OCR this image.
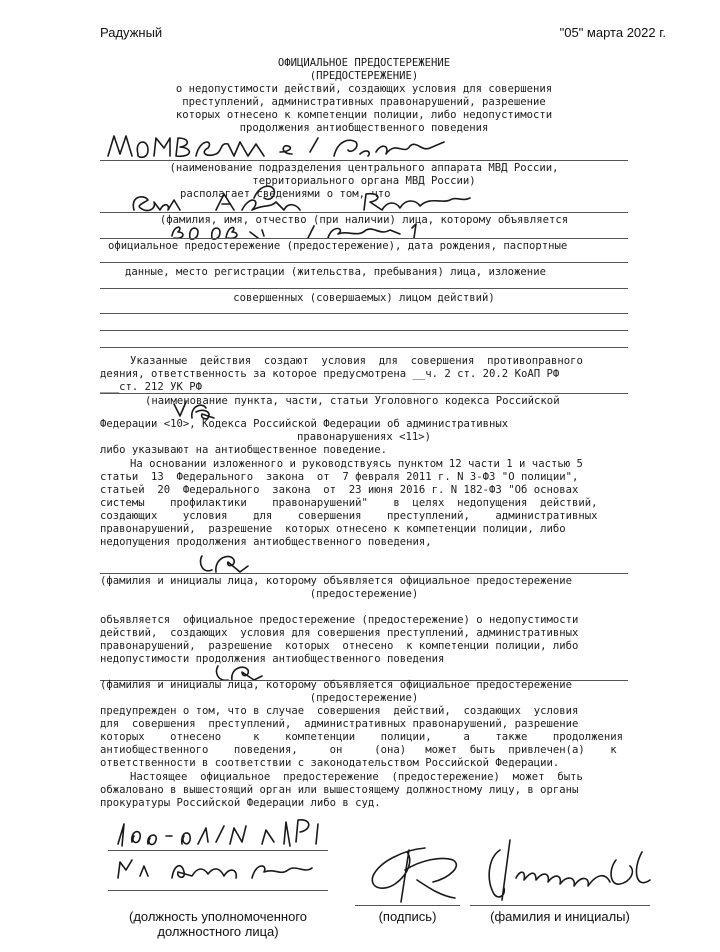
Радужный	"05" марта 2022 г.
ОФИЦИАЛЬНОЕ ПРЕДОСТЕРЕЖЕНИЕ
(ПРЕДОСТЕРЕЖЕНИЕ)
о недопустимости действий, создающих условия для совершения
преступлений, административных правонарушений, разрешение
которых отнесено к компетенции полиции, либо недопустимости
продолжения антиобщественного поведения
(наименование подразделения центрального аппарата МВД России,
территориального органа МВД России)
располагает сведениями о том, что
(фамилия, имя, отчество (при наличии) лица, которому объявляется
официальное предостережение (предостережение), дата рождения, паспортные
данные, место регистрации (жительства, пребывания) лица, изложение
совершенных (совершаемых) лицом действий)
Указанные  действия  создают  условия  для  совершения  противоправного
деяния, ответственность за которое предусмотрена __ч. 2 ст. 20.2 КоАП РФ
___ст. 212 УК РФ
(наименование пункта, части, статьи Уголовного кодекса Российской
Федерации <10>, Кодекса Российской Федерации об административных
правонарушениях <11>)
либо указывают на антиобщественное поведение.
На основании изложенного и руководствуясь пунктом 12 части 1 и частью 5
статьи  13  Федерального  закона  от  7 февраля 2011 г. N 3-ФЗ "О полиции",
статьей  20  Федерального  закона  от  23 июня 2016 г. N 182-ФЗ "Об основах
системы    профилактики    правонарушений"    в  целях  недопущения  действий,
создающих    условия    для    совершения    преступлений,    административных
правонарушений,  разрешение  которых отнесено к компетенции полиции, либо
недопущения продолжения антиобщественного поведения,
(фамилия и инициалы лица, которому объявляется официальное предостережение
(предостережение)
объявляется  официальное предостережение (предостережение) о недопустимости
действий,  создающих  условия для совершения преступлений, административных
правонарушений,  разрешение  которых  отнесено  к компетенции полиции, либо
недопустимости продолжения антиобщественного поведения
(фамилия и инициалы лица, которому объявляется официальное предостережение
(предостережение)
предупрежден о том, что в случае  совершения  действий,  создающих  условия
для  совершения  преступлений,  административных правонарушений, разрешение
которых    отнесено     к    компетенции    полиции,     а    также    продолжения
антиобщественного    поведения,     он     (она)   может  быть  привлечен(а)    к
ответственности в соответствии с законодательством Российской Федерации.
Настоящее  официальное  предостережение  (предостережение)  может  быть
обжаловано в вышестоящий орган или вышестоящему должностному лицу, в органы
прокуратуры Российской Федерации либо в суд.
(должность уполномоченного
должностного лица)
(подпись)	(фамилия и инициалы)
